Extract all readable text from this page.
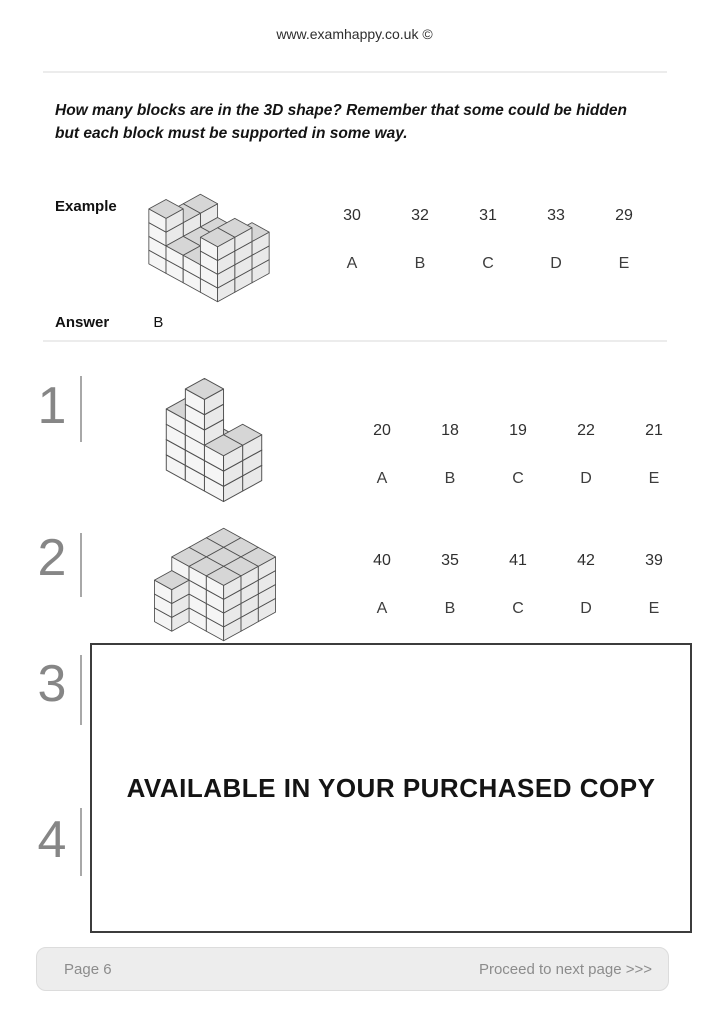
www.examhappy.co.uk ©
How many blocks are in the 3D shape? Remember that some could be hidden
but each block must be supported in some way.
Example
30
A
32
B
31
C
33
D
29
E
Answer	B
1	20
A
18
B
19
C
22
D
21
E
2	40
A
35
B
41
C
42
D
39
E
3
4
AVAILABLE IN YOUR PURCHASED COPY
Page 6	Proceed to next page >>>
